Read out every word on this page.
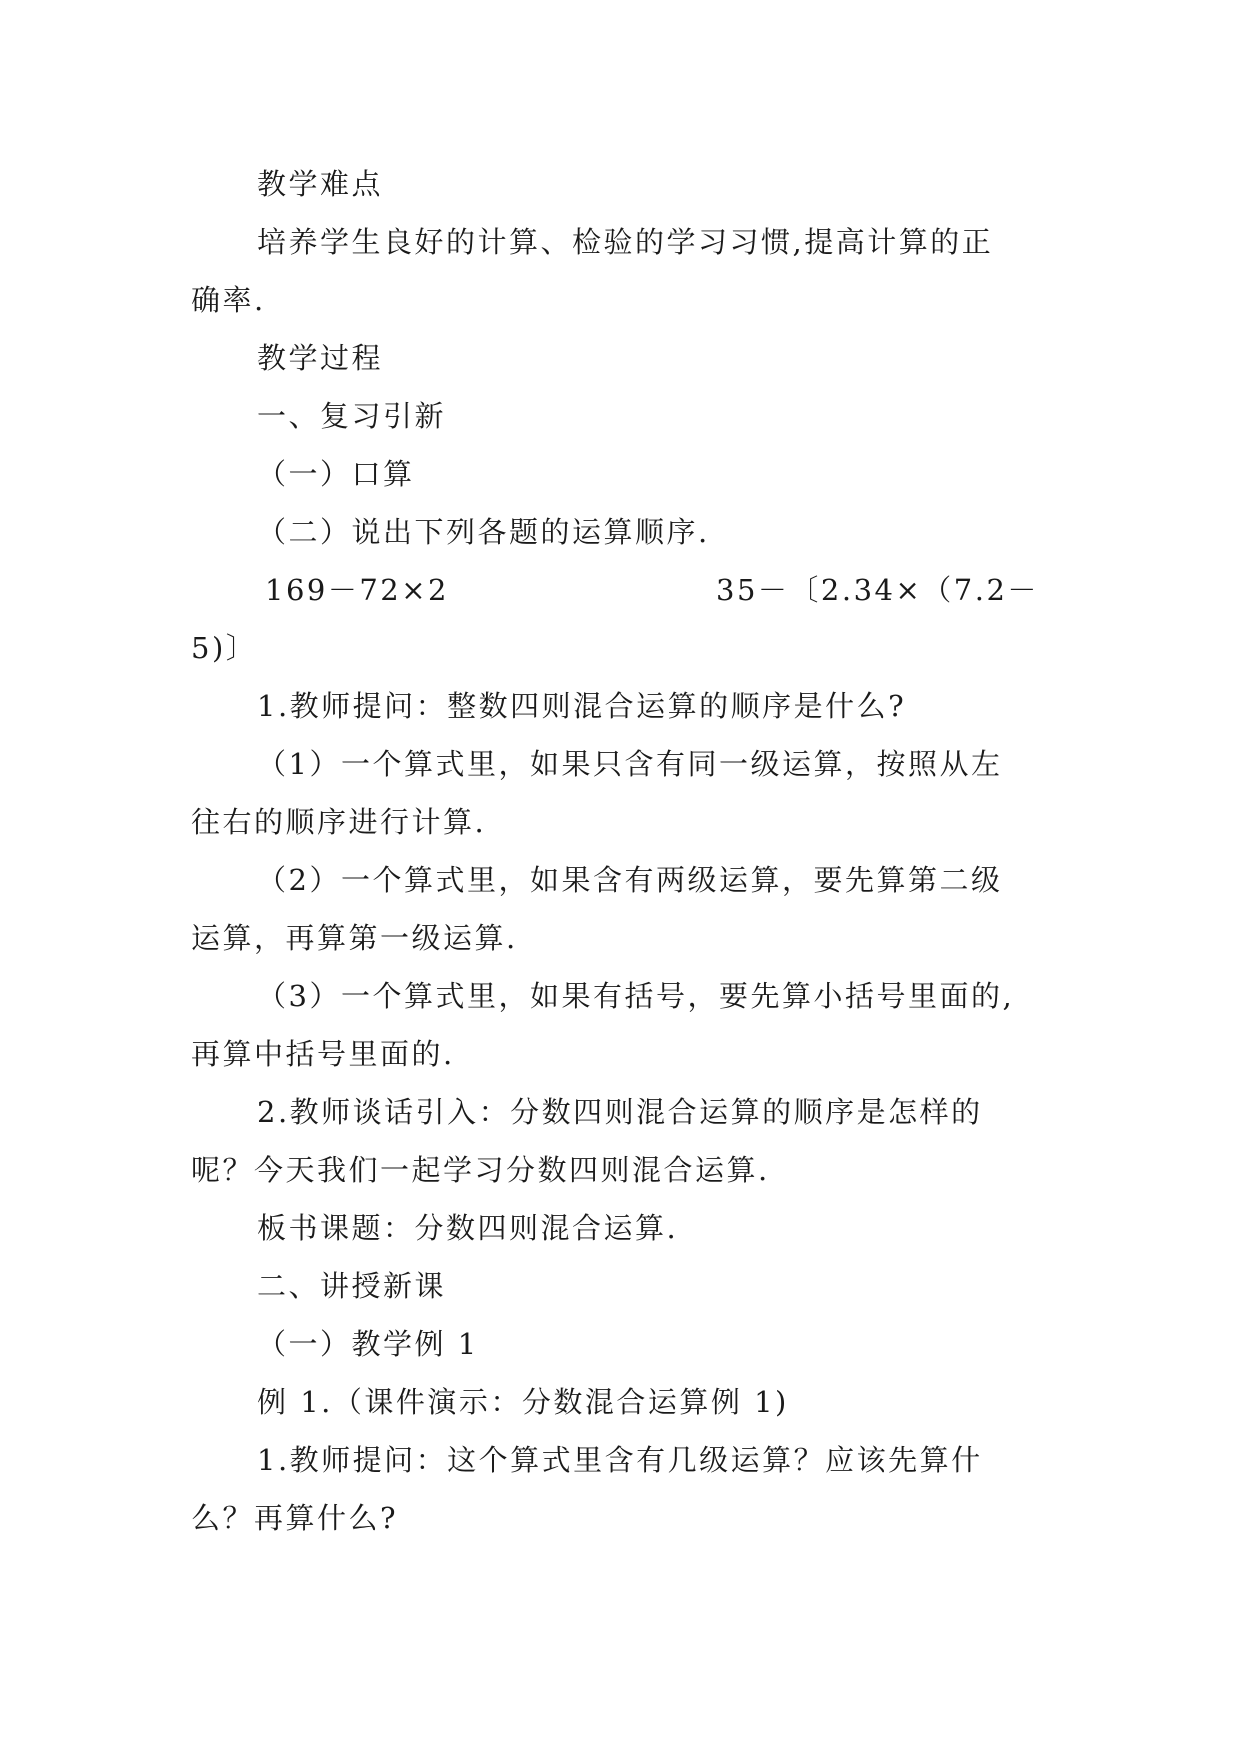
教学难点
培养学生良好的计算、检验的学习习惯,提高计算的正
确率.
教学过程
一、复习引新
（一）口算
（二）说出下列各题的运算顺序.
169－72×2	35－〔2.34×（7.2－
5)〕
1.教师提问：整数四则混合运算的顺序是什么?
（1）一个算式里，如果只含有同一级运算，按照从左
往右的顺序进行计算.
（2）一个算式里，如果含有两级运算，要先算第二级
运算，再算第一级运算.
（3）一个算式里，如果有括号，要先算小括号里面的,
再算中括号里面的.
2.教师谈话引入：分数四则混合运算的顺序是怎样的
呢？今天我们一起学习分数四则混合运算.
板书课题：分数四则混合运算.
二、讲授新课
（一）教学例 1
例 1.（课件演示：分数混合运算例 1)
1.教师提问：这个算式里含有几级运算？应该先算什
么？再算什么?
